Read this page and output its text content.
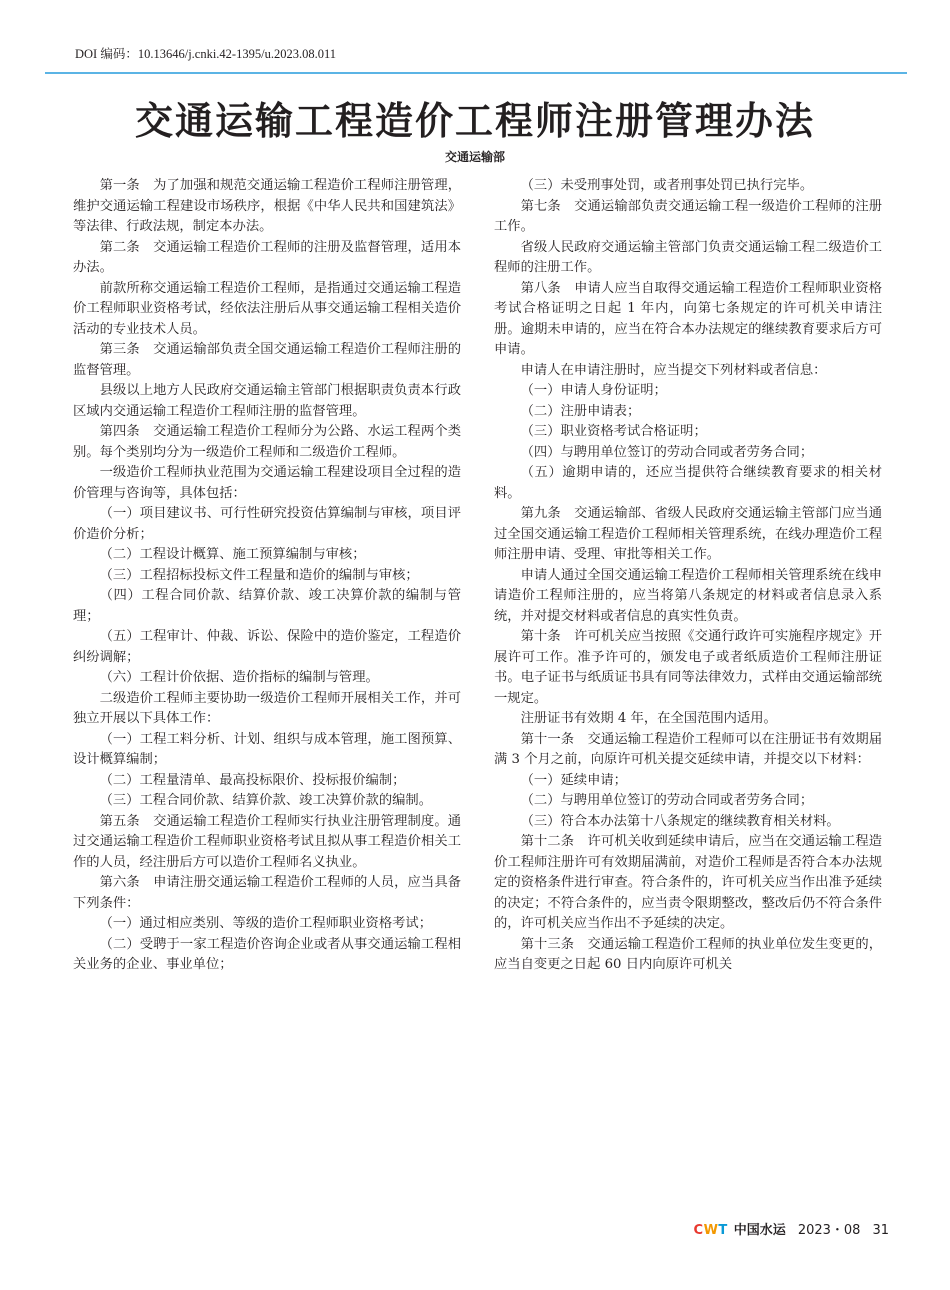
DOI 编码：10.13646/j.cnki.42-1395/u.2023.08.011
交通运输工程造价工程师注册管理办法
交通运输部

第一条　为了加强和规范交通运输工程造价工程师注册管理，维护交通运输工程建设市场秩序，根据《中华人民共和国建筑法》等法律、行政法规，制定本办法。

第二条　交通运输工程造价工程师的注册及监督管理，适用本办法。

前款所称交通运输工程造价工程师，是指通过交通运输工程造价工程师职业资格考试，经依法注册后从事交通运输工程相关造价活动的专业技术人员。

第三条　交通运输部负责全国交通运输工程造价工程师注册的监督管理。

县级以上地方人民政府交通运输主管部门根据职责负责本行政区域内交通运输工程造价工程师注册的监督管理。

第四条　交通运输工程造价工程师分为公路、水运工程两个类别。每个类别均分为一级造价工程师和二级造价工程师。

一级造价工程师执业范围为交通运输工程建设项目全过程的造价管理与咨询等，具体包括：

（一）项目建议书、可行性研究投资估算编制与审核，项目评价造价分析；

（二）工程设计概算、施工预算编制与审核；

（三）工程招标投标文件工程量和造价的编制与审核；

（四）工程合同价款、结算价款、竣工决算价款的编制与管理；

（五）工程审计、仲裁、诉讼、保险中的造价鉴定，工程造价纠纷调解；

（六）工程计价依据、造价指标的编制与管理。

二级造价工程师主要协助一级造价工程师开展相关工作，并可独立开展以下具体工作：

（一）工程工料分析、计划、组织与成本管理，施工图预算、设计概算编制；

（二）工程量清单、最高投标限价、投标报价编制；

（三）工程合同价款、结算价款、竣工决算价款的编制。

第五条　交通运输工程造价工程师实行执业注册管理制度。通过交通运输工程造价工程师职业资格考试且拟从事工程造价相关工作的人员，经注册后方可以造价工程师名义执业。

第六条　申请注册交通运输工程造价工程师的人员，应当具备下列条件：

（一）通过相应类别、等级的造价工程师职业资格考试；

（二）受聘于一家工程造价咨询企业或者从事交通运输工程相关业务的企业、事业单位；

（三）未受刑事处罚，或者刑事处罚已执行完毕。

第七条　交通运输部负责交通运输工程一级造价工程师的注册工作。

省级人民政府交通运输主管部门负责交通运输工程二级造价工程师的注册工作。

第八条　申请人应当自取得交通运输工程造价工程师职业资格考试合格证明之日起 1 年内，向第七条规定的许可机关申请注册。逾期未申请的，应当在符合本办法规定的继续教育要求后方可申请。

申请人在申请注册时，应当提交下列材料或者信息：

（一）申请人身份证明；

（二）注册申请表；

（三）职业资格考试合格证明；

（四）与聘用单位签订的劳动合同或者劳务合同；

（五）逾期申请的，还应当提供符合继续教育要求的相关材料。

第九条　交通运输部、省级人民政府交通运输主管部门应当通过全国交通运输工程造价工程师相关管理系统，在线办理造价工程师注册申请、受理、审批等相关工作。

申请人通过全国交通运输工程造价工程师相关管理系统在线申请造价工程师注册的，应当将第八条规定的材料或者信息录入系统，并对提交材料或者信息的真实性负责。

第十条　许可机关应当按照《交通行政许可实施程序规定》开展许可工作。准予许可的，颁发电子或者纸质造价工程师注册证书。电子证书与纸质证书具有同等法律效力，式样由交通运输部统一规定。

注册证书有效期 4 年，在全国范围内适用。

第十一条　交通运输工程造价工程师可以在注册证书有效期届满 3 个月之前，向原许可机关提交延续申请，并提交以下材料：

（一）延续申请；

（二）与聘用单位签订的劳动合同或者劳务合同；

（三）符合本办法第十八条规定的继续教育相关材料。

第十二条　许可机关收到延续申请后，应当在交通运输工程造价工程师注册许可有效期届满前，对造价工程师是否符合本办法规定的资格条件进行审查。符合条件的，许可机关应当作出准予延续的决定；不符合条件的，应当责令限期整改，整改后仍不符合条件的，许可机关应当作出不予延续的决定。

第十三条　交通运输工程造价工程师的执业单位发生变更的，应当自变更之日起 60 日内向原许可机关

CWT 中国水运 2023・08 31
